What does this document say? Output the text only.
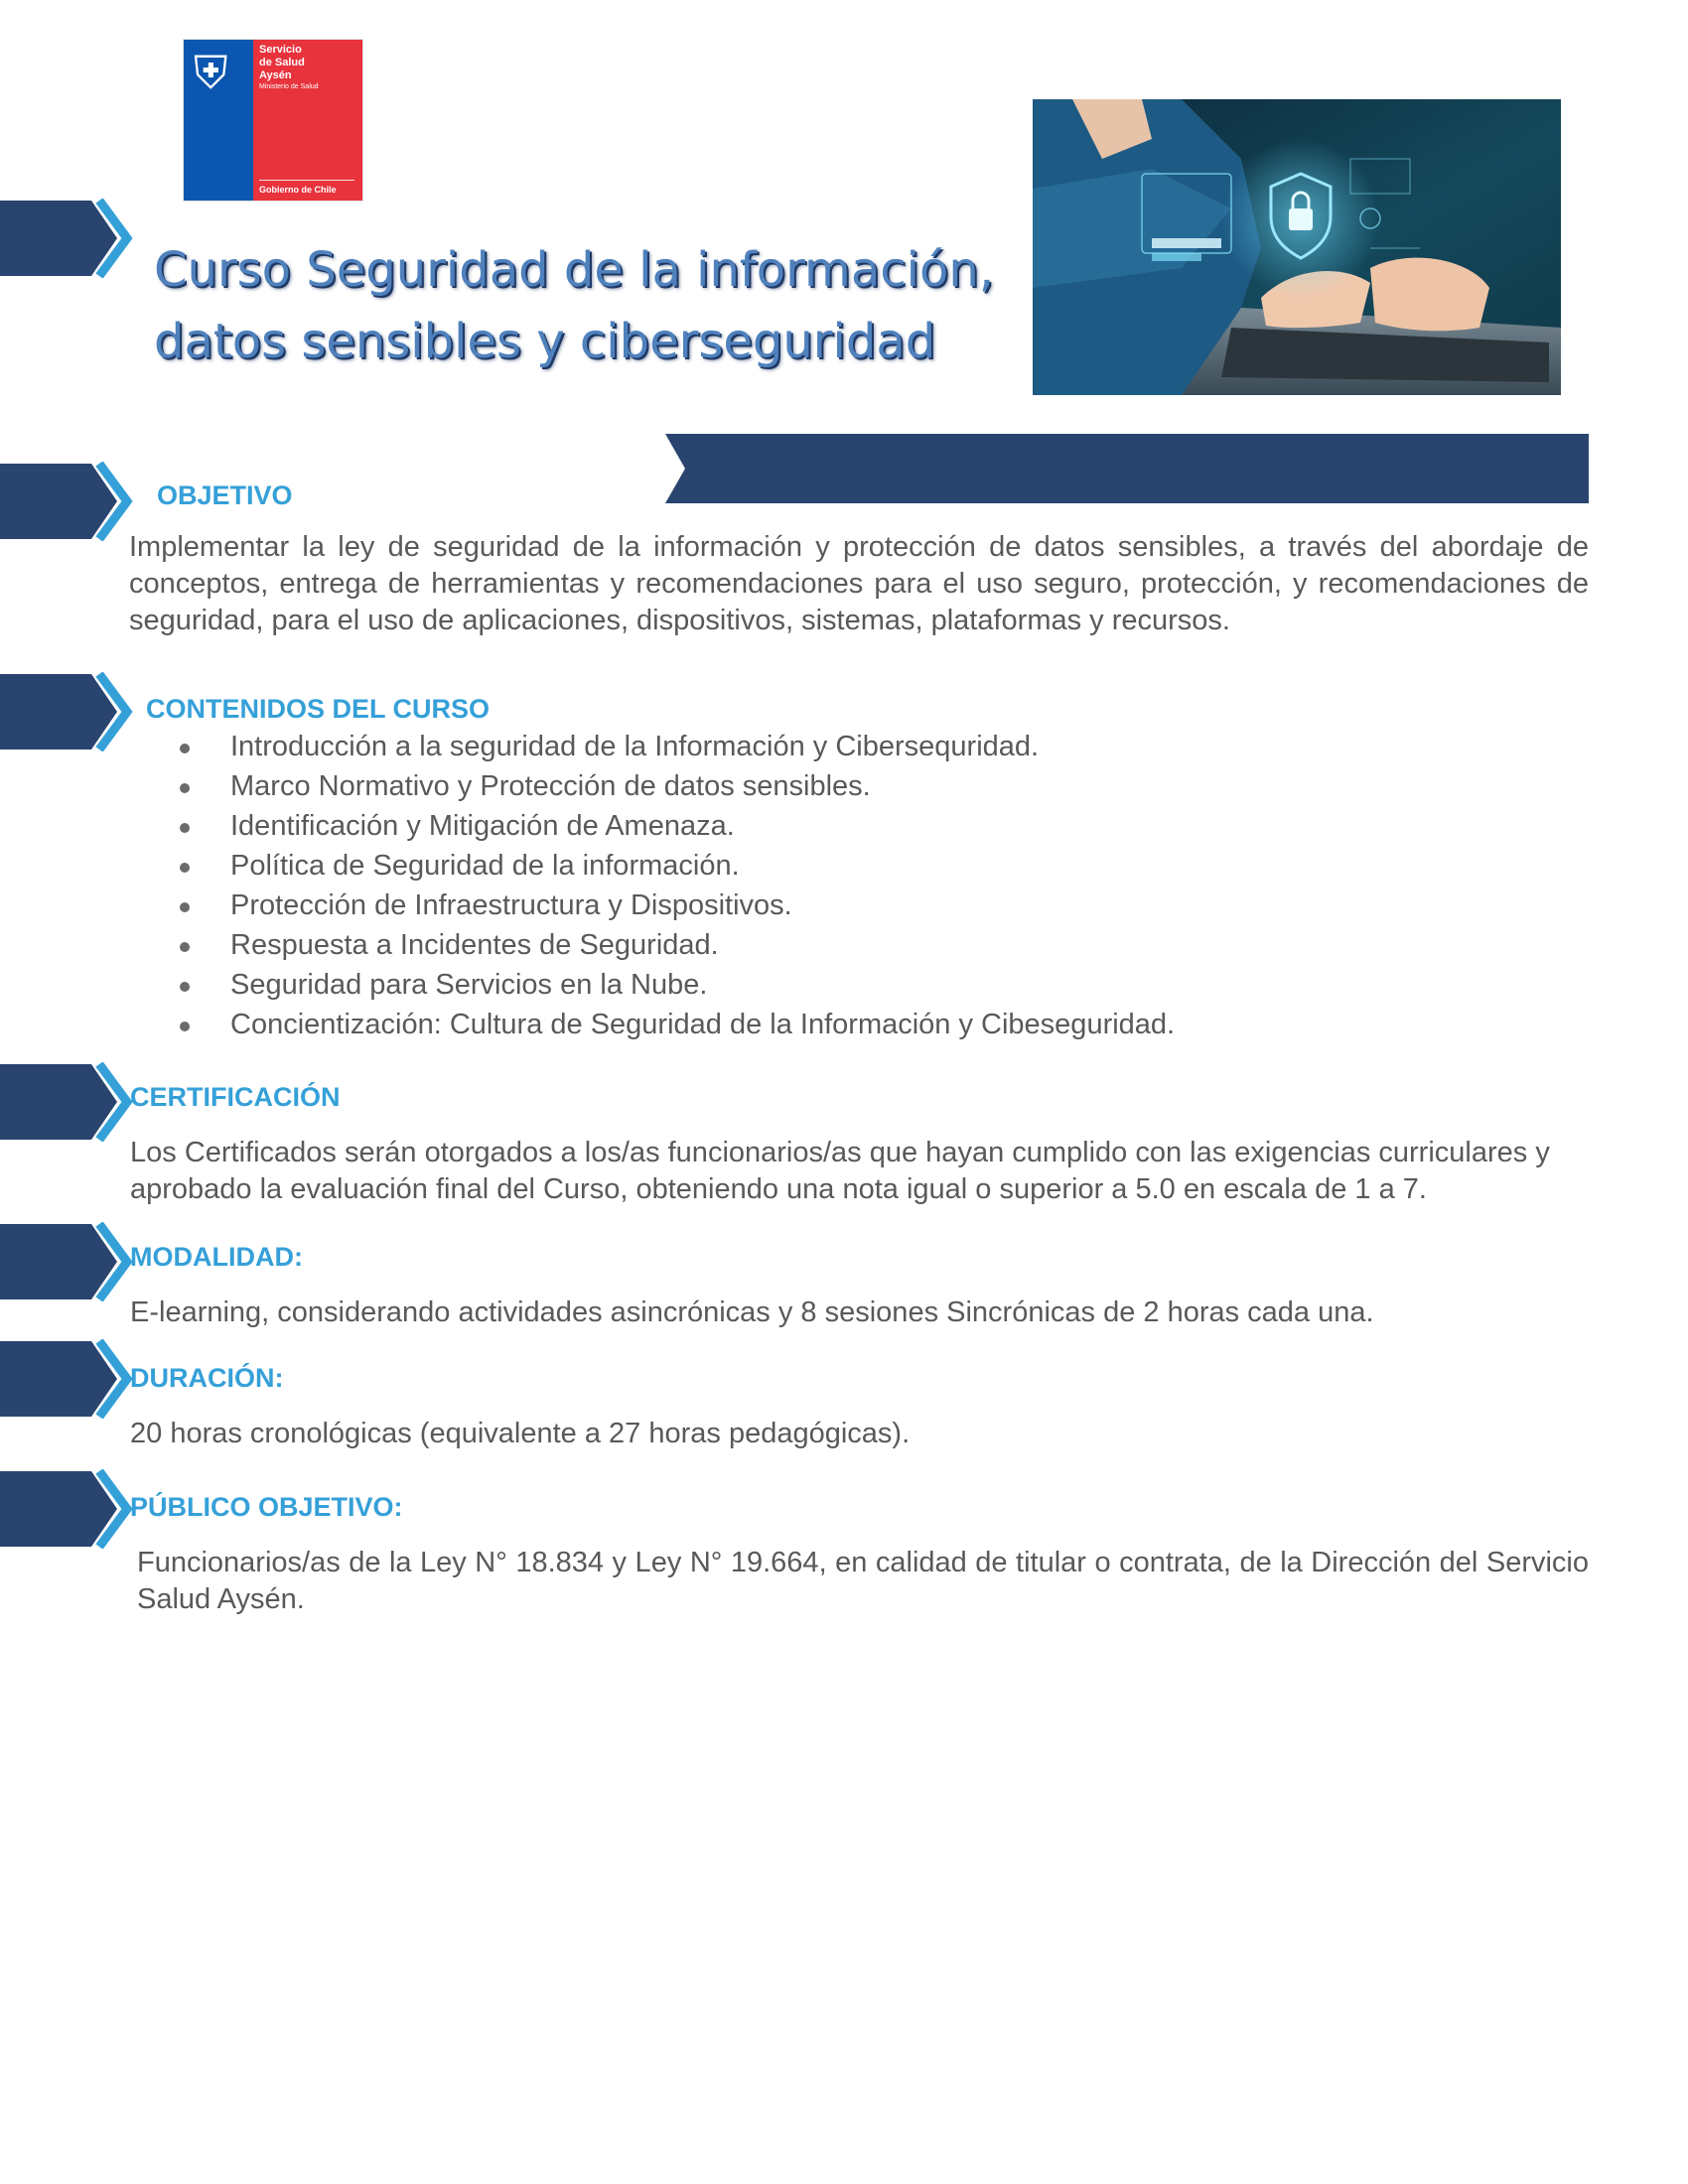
⛨	Servicio
de Salud
Aysén
Ministerio de Salud
Gobierno de Chile
Curso Seguridad de la información,
datos sensibles y ciberseguridad
OBJETIVO

Implementar la ley de seguridad de la información y protección de datos sensibles, a través del abordaje de conceptos, entrega de herramientas y recomendaciones para el uso seguro, protección, y recomendaciones de seguridad, para el uso de aplicaciones, dispositivos, sistemas, plataformas y recursos.

CONTENIDOS DEL CURSO
Introducción a la seguridad de la Información y Cibersequridad.
Marco Normativo y Protección de datos sensibles.
Identificación y Mitigación de Amenaza.
Política de Seguridad de la información.
Protección de Infraestructura y Dispositivos.
Respuesta a Incidentes de Seguridad.
Seguridad para Servicios en la Nube.
Concientización: Cultura de Seguridad de la Información y Cibeseguridad.
CERTIFICACIÓN

Los Certificados serán otorgados a los/as funcionarios/as que hayan cumplido con las exigencias curriculares y aprobado la evaluación final del Curso, obteniendo una nota igual o superior a 5.0 en escala de 1 a 7.

MODALIDAD:

E-learning, considerando actividades asincrónicas y 8 sesiones Sincrónicas de 2 horas cada una.

DURACIÓN:

20 horas cronológicas (equivalente a 27 horas pedagógicas).

PÚBLICO OBJETIVO:

Funcionarios/as de la Ley N° 18.834 y Ley N° 19.664, en calidad de titular o contrata, de la Dirección del Servicio Salud Aysén.
